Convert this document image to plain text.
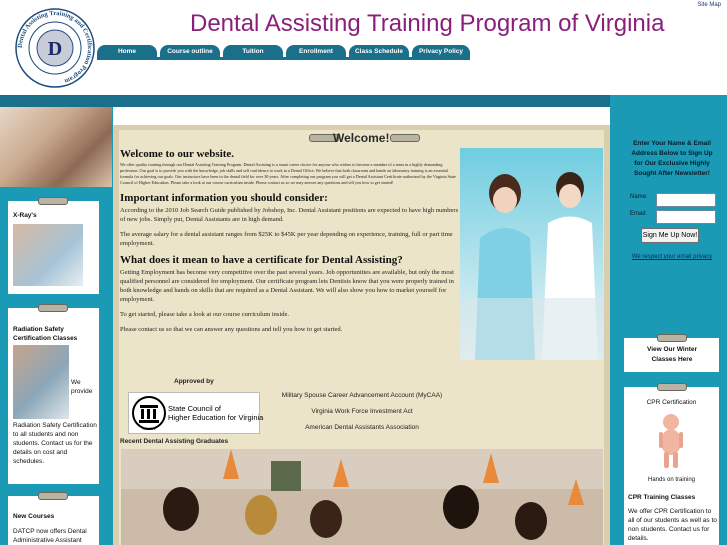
Site Map
Dental Assisting Training and Certification Program
D
Dental Assisting Training Program of Virginia
Home	Course outline	Tuition	Enrollment	Class Schedule	Privacy Policy
X-Ray's
Radiation Safety Certification Classes
We provide
Radiation Safety Certification to all students and non students. Contact us for the details on cost and schedules.
New Courses
DATCP now offers Dental Administrative Assistant
Welcome!
Welcome to our website.

We offer quality training through our Dental Assisting Training Program. Dental Assisting is a smart career choice for anyone who wishes to become a member of a team in a highly demanding profession. Our goal is to provide you with the knowledge, job skills and self confidence to work in a Dental Office. We believe that both classroom and hands on laboratory training is an essential formula for achieving our goals. Our instructors have been in the dental field for over 30 years. After completing our program you will get a Dental Assistant Certificate authorized by the Virginia State Council of Higher Education. Please take a look at our course curriculum inside. Please contact us so we may answer any questions and tell you how to get started!

Important information you should consider:

According to the 2010 Job Search Guide published by Jobshop, Inc. Dental Assistant positions are expected to have high numbers of new jobs. Simply put, Dental Assistants are in high demand.

The average salary for a dental assistant ranges from $25K to $45K per year depending on experience, training, full or part time employment.

What does it mean to have a certificate for Dental Assisting?

Getting Employment has become very competitive over the past several years. Job opportunities are available, but only the most qualified personnel are considered for employment. Our certificate program lets Dentists know that you were properly trained in both knowledge and hands on skills that are required as a Dental Assistant. We will also show you how to market yourself for employment.

To get started, please take a look at our course curriculum inside.

Please contact us so that we can answer any questions and tell you how to get started.

Approved by
SCHEV
State Council of
Higher Education for Virginia
Military Spouse Career Advancement Account (MyCAA)
Virginia Work Force Investment Act
American Dental Assistants Association
Recent Dental Assisting Graduates
Enter Your Name & Email Address Below to Sign Up for Our Exclusive Highly Sought After Newsletter!
Name:
Email:
Sign Me Up Now!
We respect your email privacy
View Our Winter Classes Here
CPR Certification
Hands on training
CPR Training Classes
We offer CPR Certification to all of our students as well as to non students. Contact us for details.
